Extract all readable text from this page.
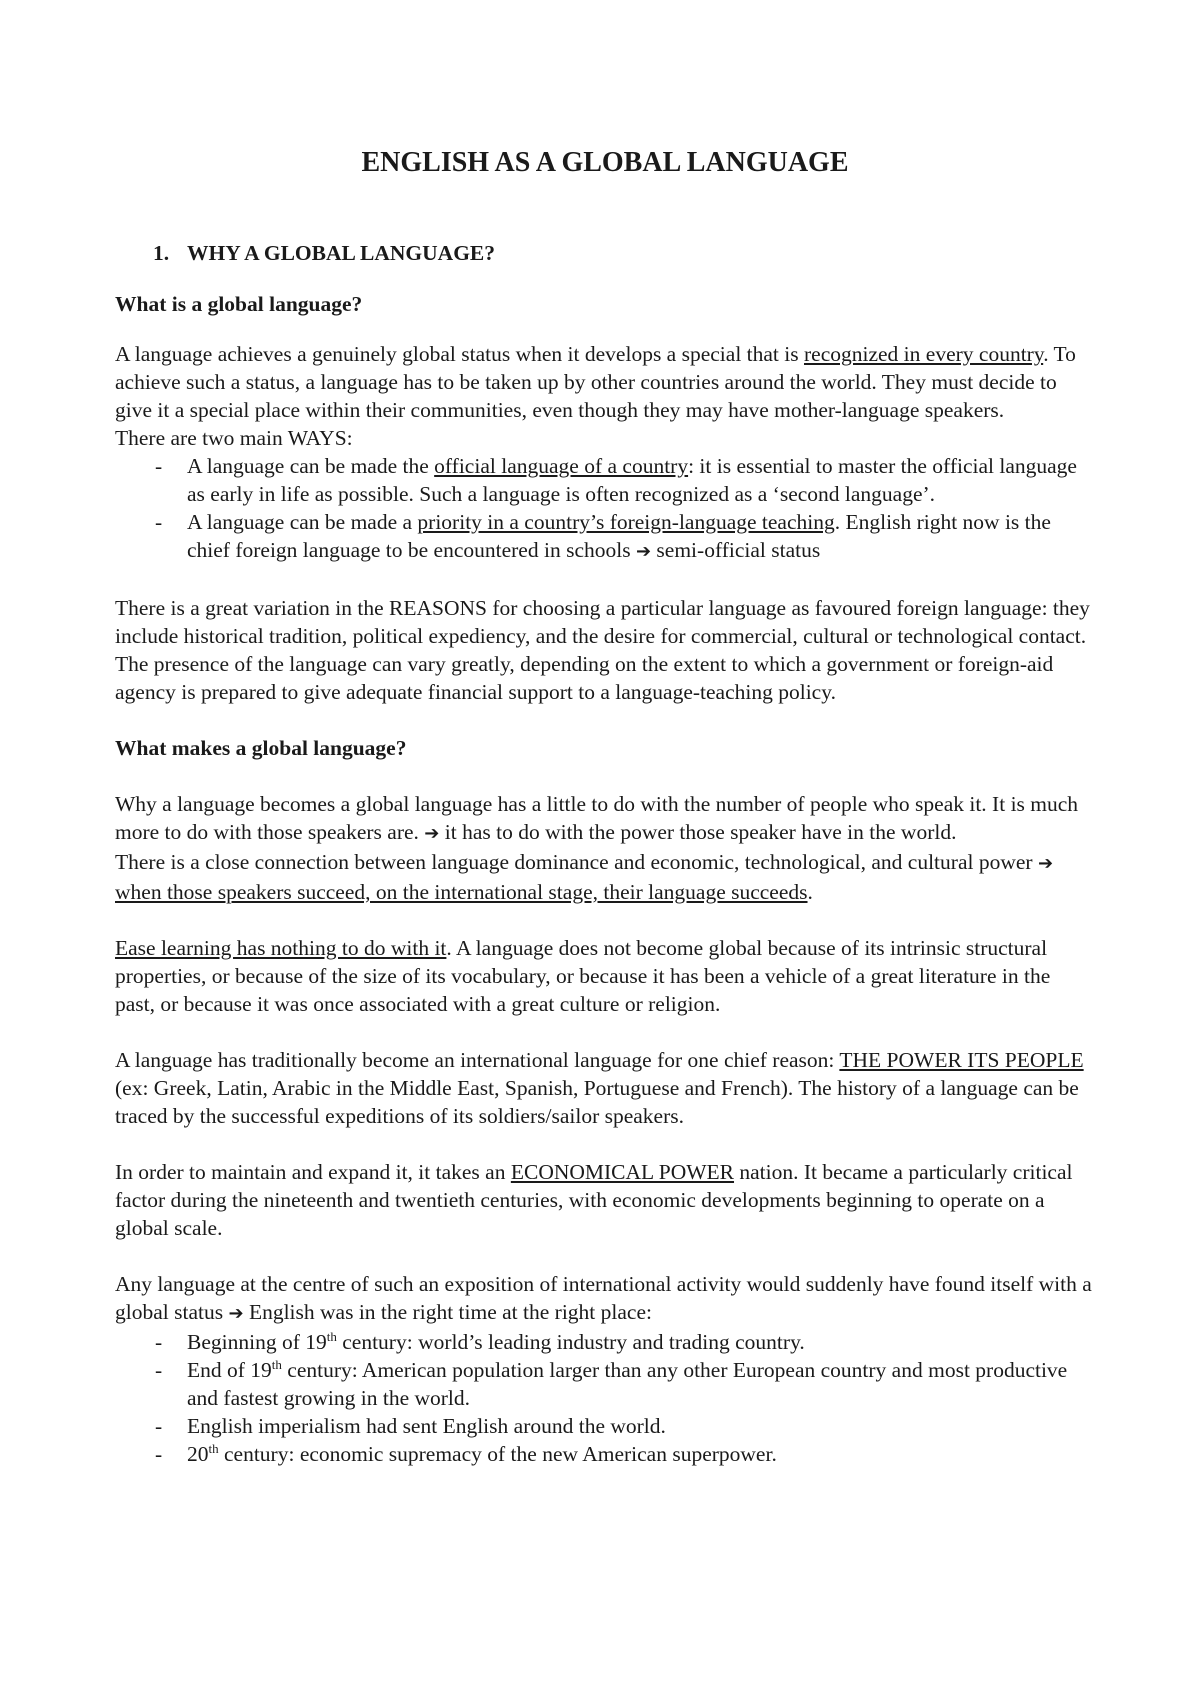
ENGLISH AS A GLOBAL LANGUAGE
1. WHY A GLOBAL LANGUAGE?
What is a global language?

A language achieves a genuinely global status when it develops a special that is recognized in every country. To achieve such a status, a language has to be taken up by other countries around the world. They must decide to give it a special place within their communities, even though they may have mother-language speakers.

There are two main WAYS:

- A language can be made the official language of a country: it is essential to master the official language as early in life as possible. Such a language is often recognized as a ‘second language’.
- A language can be made a priority in a country’s foreign-language teaching. English right now is the chief foreign language to be encountered in schools ➔ semi-official status

There is a great variation in the REASONS for choosing a particular language as favoured foreign language: they include historical tradition, political expediency, and the desire for commercial, cultural or technological contact.

The presence of the language can vary greatly, depending on the extent to which a government or foreign-aid agency is prepared to give adequate financial support to a language-teaching policy.

What makes a global language?

Why a language becomes a global language has a little to do with the number of people who speak it. It is much more to do with those speakers are. ➔ it has to do with the power those speaker have in the world.

There is a close connection between language dominance and economic, technological, and cultural power ➔ when those speakers succeed, on the international stage, their language succeeds.

Ease learning has nothing to do with it. A language does not become global because of its intrinsic structural properties, or because of the size of its vocabulary, or because it has been a vehicle of a great literature in the past, or because it was once associated with a great culture or religion.

A language has traditionally become an international language for one chief reason: THE POWER ITS PEOPLE (ex: Greek, Latin, Arabic in the Middle East, Spanish, Portuguese and French). The history of a language can be traced by the successful expeditions of its soldiers/sailor speakers.

In order to maintain and expand it, it takes an ECONOMICAL POWER nation. It became a particularly critical factor during the nineteenth and twentieth centuries, with economic developments beginning to operate on a global scale.

Any language at the centre of such an exposition of international activity would suddenly have found itself with a global status ➔ English was in the right time at the right place:

- Beginning of 19th century: world’s leading industry and trading country.
- End of 19th century: American population larger than any other European country and most productive and fastest growing in the world.
- English imperialism had sent English around the world.
- 20th century: economic supremacy of the new American superpower.
